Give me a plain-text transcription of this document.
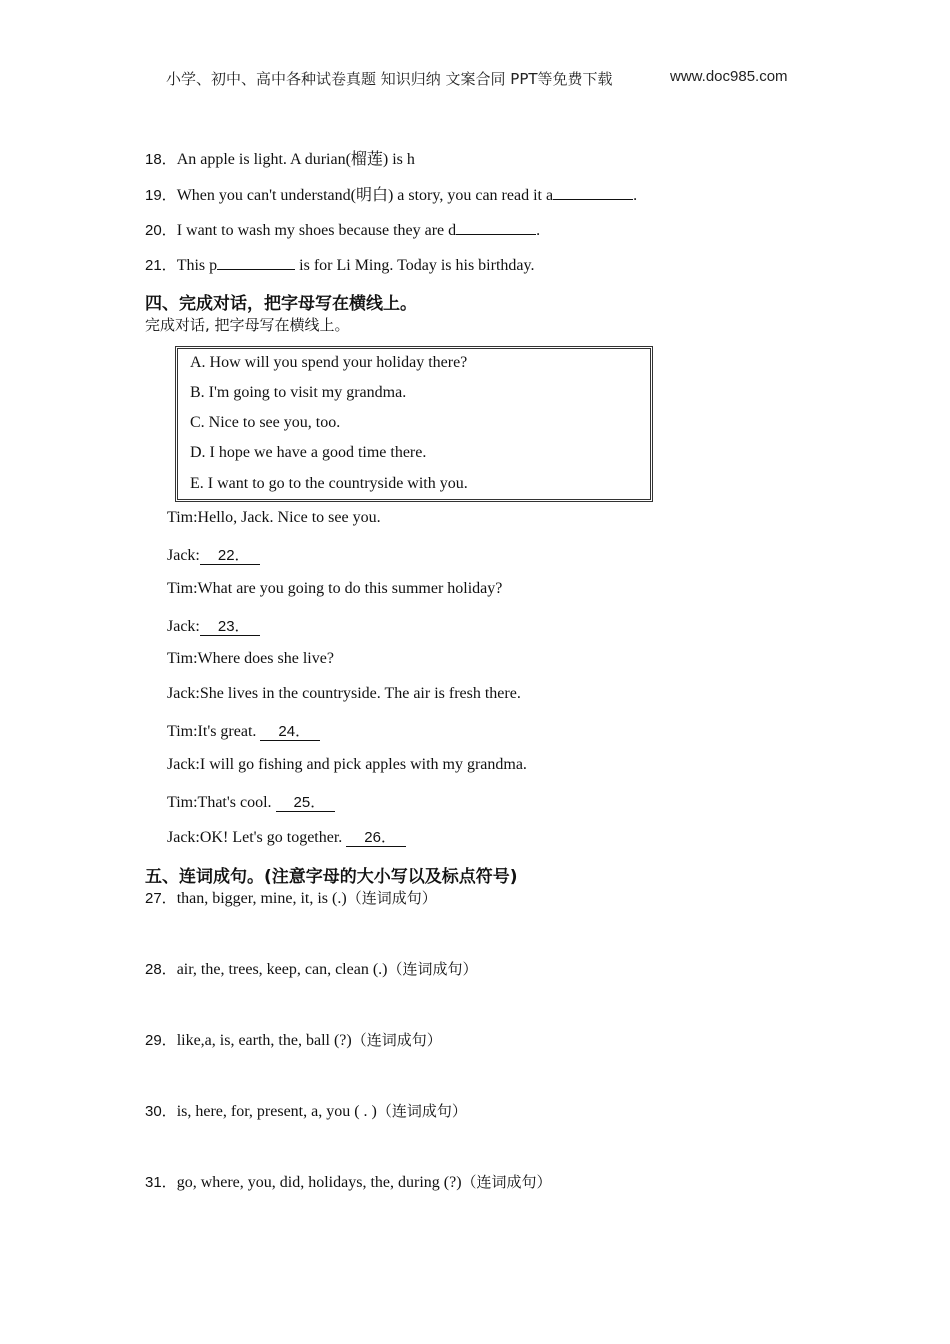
小学、初中、高中各种试卷真题 知识归纳 文案合同 PPT等免费下载	www.doc985.com
18．An apple is light. A durian(榴莲) is h
19．When you can't understand(明白) a story, you can read it a	.
20．I want to wash my shoes because they are d	.
21．This p	is for Li Ming. Today is his birthday.
四、完成对话，把字母写在横线上。
完成对话, 把字母写在横线上。
A. How will you spend your holiday there?
B. I'm going to visit my grandma.
C. Nice to see you, too.
D. I hope we have a good time there.
E. I want to go to the countryside with you.
Tim:Hello, Jack. Nice to see you.
Jack: 22．
Tim:What are you going to do this summer holiday?
Jack: 23．
Tim:Where does she live?
Jack:She lives in the countryside. The air is fresh there.
Tim:It's great. 24．
Jack:I will go fishing and pick apples with my grandma.
Tim:That's cool. 25．
Jack:OK! Let's go together. 26．
五、连词成句。(注意字母的大小写以及标点符号)
27．than, bigger, mine, it, is (.)（连词成句）
28．air, the, trees, keep, can, clean (.)（连词成句）
29．like,a, is, earth, the, ball (?)（连词成句）
30．is, here, for, present, a, you ( . )（连词成句）
31．go, where, you, did, holidays, the, during (?)（连词成句）
